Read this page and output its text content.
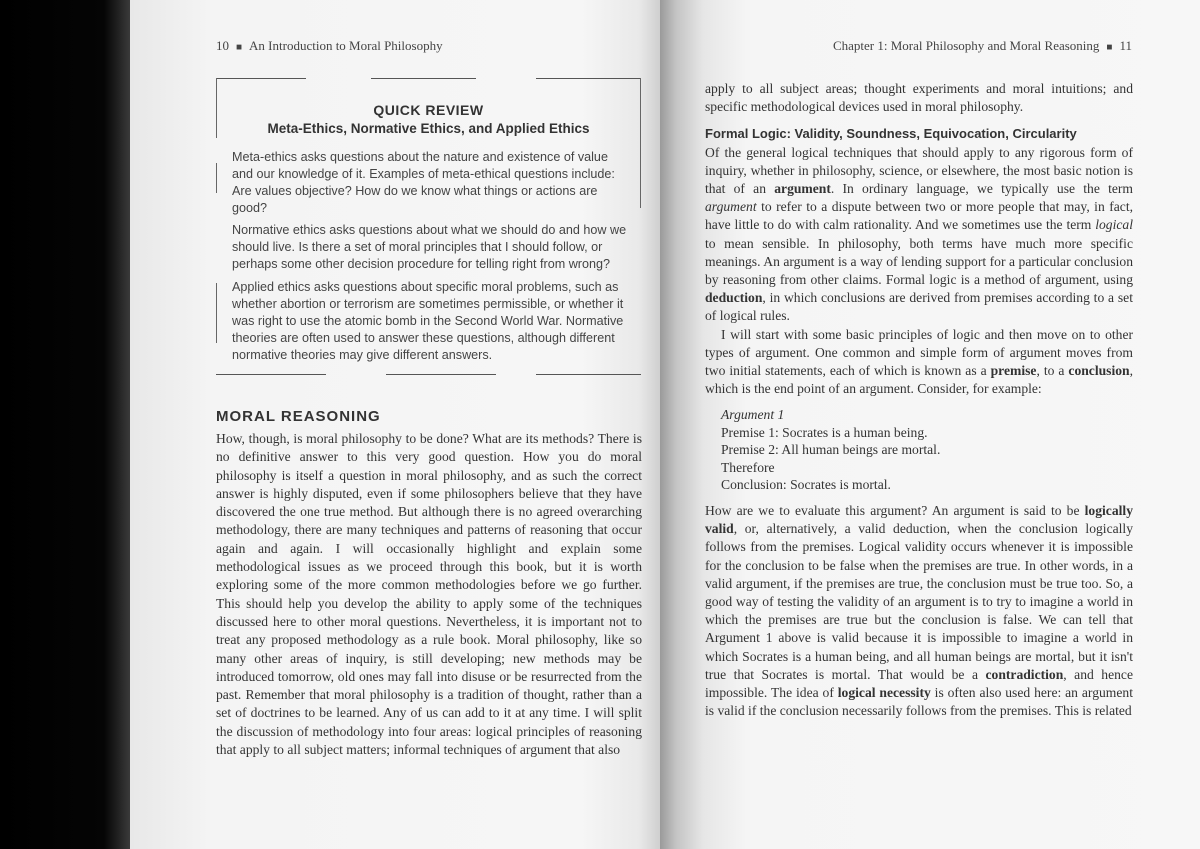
10 ■ An Introduction to Moral Philosophy	Chapter 1: Moral Philosophy and Moral Reasoning ■ 11
QUICK REVIEW
Meta-Ethics, Normative Ethics, and Applied Ethics
Meta-ethics asks questions about the nature and existence of value and our knowledge of it. Examples of meta-ethical questions include: Are values objective? How do we know what things or actions are good?
Normative ethics asks questions about what we should do and how we should live. Is there a set of moral principles that I should follow, or perhaps some other decision procedure for telling right from wrong?
Applied ethics asks questions about specific moral problems, such as whether abortion or terrorism are sometimes permissible, or whether it was right to use the atomic bomb in the Second World War. Normative theories are often used to answer these questions, although different normative theories may give different answers.
MORAL REASONING

How, though, is moral philosophy to be done? What are its methods? There is no definitive answer to this very good question. How you do moral philosophy is itself a question in moral philosophy, and as such the correct answer is highly disputed, even if some philosophers believe that they have discovered the one true method. But although there is no agreed overarching methodology, there are many techniques and patterns of reasoning that occur again and again. I will occasionally highlight and explain some methodological issues as we proceed through this book, but it is worth exploring some of the more common methodologies before we go further. This should help you develop the ability to apply some of the techniques discussed here to other moral questions. Nevertheless, it is important not to treat any proposed methodology as a rule book. Moral philosophy, like so many other areas of inquiry, is still developing; new methods may be introduced tomorrow, old ones may fall into disuse or be resurrected from the past. Remember that moral philosophy is a tradition of thought, rather than a set of doctrines to be learned. Any of us can add to it at any time. I will split the discussion of methodology into four areas: logical principles of reasoning that apply to all subject matters; informal techniques of argument that also

apply to all subject areas; thought experiments and moral intuitions; and specific methodological devices used in moral philosophy.

Formal Logic: Validity, Soundness, Equivocation, Circularity

Of the general logical techniques that should apply to any rigorous form of inquiry, whether in philosophy, science, or elsewhere, the most basic notion is that of an argument. In ordinary language, we typically use the term argument to refer to a dispute between two or more people that may, in fact, have little to do with calm rationality. And we sometimes use the term logical to mean sensible. In philosophy, both terms have much more specific meanings. An argument is a way of lending support for a particular conclusion by reasoning from other claims. Formal logic is a method of argument, using deduction, in which conclusions are derived from premises according to a set of logical rules.

I will start with some basic principles of logic and then move on to other types of argument. One common and simple form of argument moves from two initial statements, each of which is known as a premise, to a conclusion, which is the end point of an argument. Consider, for example:

Argument 1

Premise 1: Socrates is a human being.

Premise 2: All human beings are mortal.

Therefore

Conclusion: Socrates is mortal.

How are we to evaluate this argument? An argument is said to be logically valid, or, alternatively, a valid deduction, when the conclusion logically follows from the premises. Logical validity occurs whenever it is impossible for the conclusion to be false when the premises are true. In other words, in a valid argument, if the premises are true, the conclusion must be true too. So, a good way of testing the validity of an argument is to try to imagine a world in which the premises are true but the conclusion is false. We can tell that Argument 1 above is valid because it is impossible to imagine a world in which Socrates is a human being, and all human beings are mortal, but it isn't true that Socrates is mortal. That would be a contradiction, and hence impossible. The idea of logical necessity is often also used here: an argument is valid if the conclusion necessarily follows from the premises. This is related
